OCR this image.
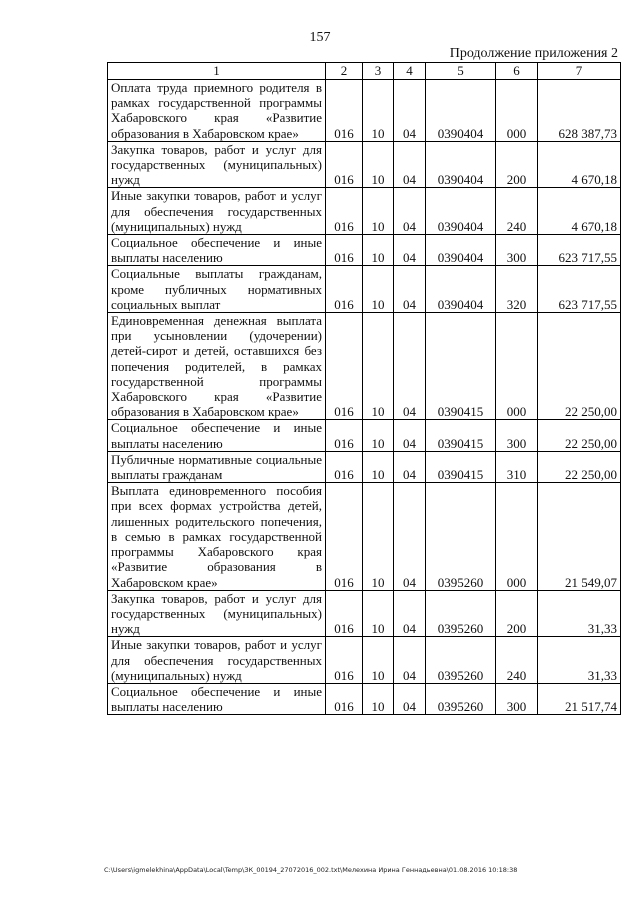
157
Продолжение приложения 2
1	2	3	4	5	6	7
Оплата труда приемного родителя в рамках государственной программы Хабаровского края «Развитие образования в Хабаровском крае»	016	10	04	0390404	000	628 387,73
Закупка товаров, работ и услуг для государственных (муниципальных) нужд	016	10	04	0390404	200	4 670,18
Иные закупки товаров, работ и услуг для обеспечения государственных (муниципальных) нужд	016	10	04	0390404	240	4 670,18
Социальное обеспечение и иные выплаты населению	016	10	04	0390404	300	623 717,55
Социальные выплаты гражданам, кроме публичных нормативных социальных выплат	016	10	04	0390404	320	623 717,55
Единовременная денежная выплата при усыновлении (удочерении) детей-сирот и детей, оставшихся без попечения родителей, в рамках государственной программы Хабаровского края «Развитие образования в Хабаровском крае»	016	10	04	0390415	000	22 250,00
Социальное обеспечение и иные выплаты населению	016	10	04	0390415	300	22 250,00
Публичные нормативные социальные выплаты гражданам	016	10	04	0390415	310	22 250,00
Выплата единовременного пособия при всех формах устройства детей, лишенных родительского попечения, в семью в рамках государственной программы Хабаровского края «Развитие образования в Хабаровском крае»	016	10	04	0395260	000	21 549,07
Закупка товаров, работ и услуг для государственных (муниципальных) нужд	016	10	04	0395260	200	31,33
Иные закупки товаров, работ и услуг для обеспечения государственных (муниципальных) нужд	016	10	04	0395260	240	31,33
Социальное обеспечение и иные выплаты населению	016	10	04	0395260	300	21 517,74
C:\Users\igmelekhina\AppData\Local\Temp\ЗК_00194_27072016_002.txt\Мелехина Ирина Геннадьевна\01.08.2016 10:18:38
